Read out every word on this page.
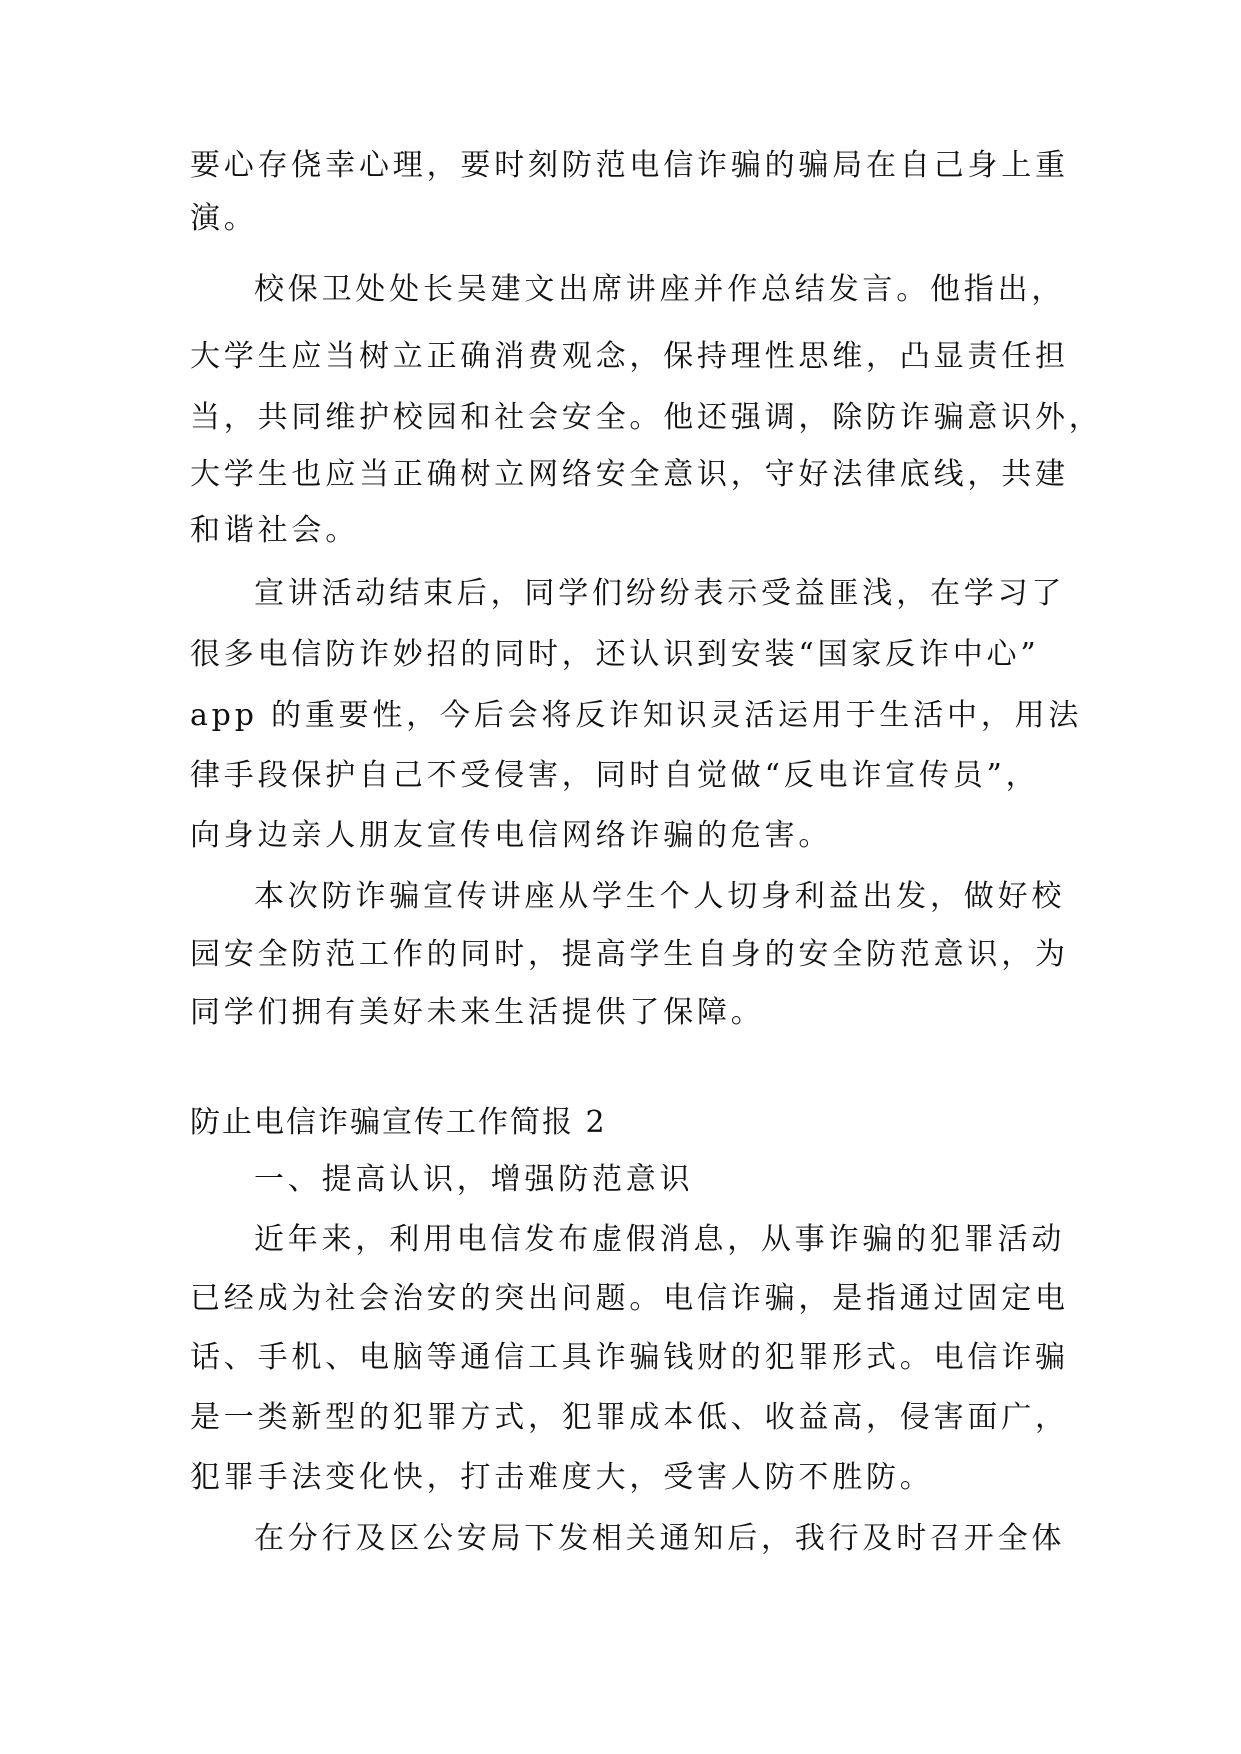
要心存侥幸心理，要时刻防范电信诈骗的骗局在自己身上重
演。
校保卫处处长吴建文出席讲座并作总结发言。他指出，
大学生应当树立正确消费观念，保持理性思维，凸显责任担
当，共同维护校园和社会安全。他还强调，除防诈骗意识外，
大学生也应当正确树立网络安全意识，守好法律底线，共建
和谐社会。
宣讲活动结束后，同学们纷纷表示受益匪浅，在学习了
很多电信防诈妙招的同时，还认识到安装“国家反诈中心”
app 的重要性，今后会将反诈知识灵活运用于生活中，用法
律手段保护自己不受侵害，同时自觉做“反电诈宣传员”，
向身边亲人朋友宣传电信网络诈骗的危害。
本次防诈骗宣传讲座从学生个人切身利益出发，做好校
园安全防范工作的同时，提高学生自身的安全防范意识，为
同学们拥有美好未来生活提供了保障。
防止电信诈骗宣传工作简报 2
一、提高认识，增强防范意识
近年来，利用电信发布虚假消息，从事诈骗的犯罪活动
已经成为社会治安的突出问题。电信诈骗，是指通过固定电
话、手机、电脑等通信工具诈骗钱财的犯罪形式。电信诈骗
是一类新型的犯罪方式，犯罪成本低、收益高，侵害面广，
犯罪手法变化快，打击难度大，受害人防不胜防。
在分行及区公安局下发相关通知后，我行及时召开全体
